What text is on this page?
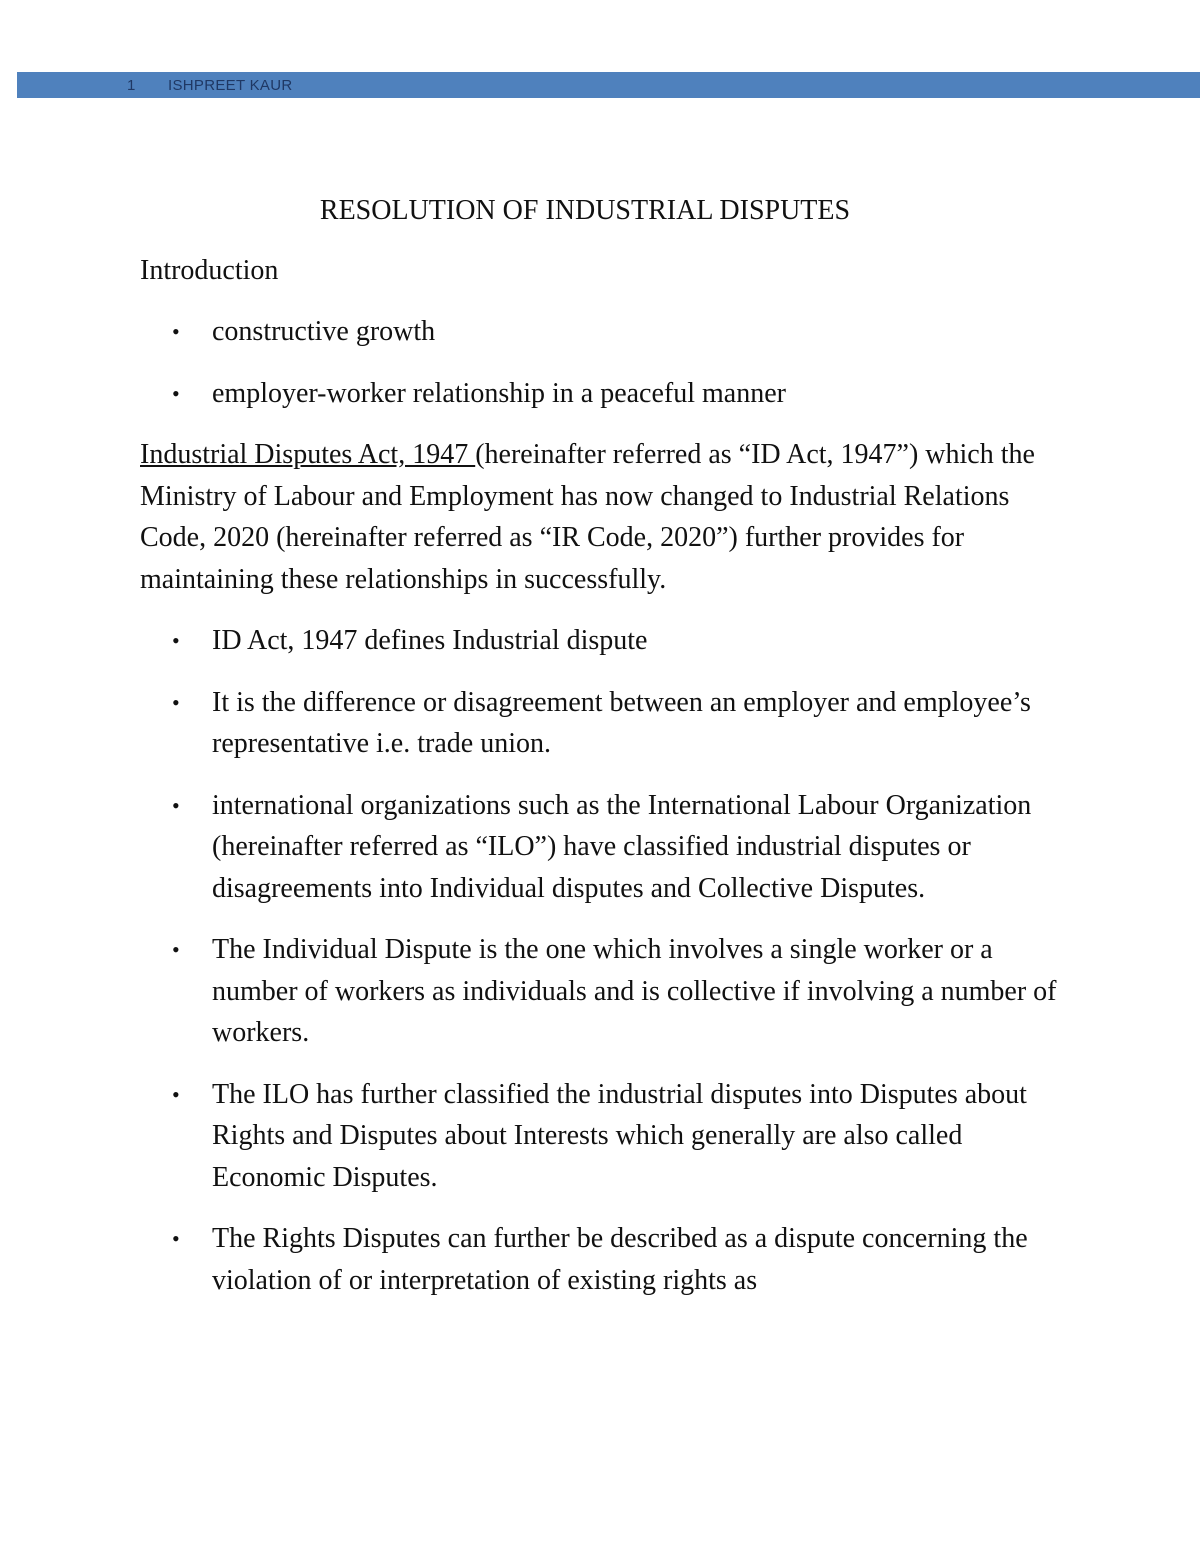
1 ISHPREET KAUR
RESOLUTION OF INDUSTRIAL DISPUTES
Introduction
• constructive growth
• employer-worker relationship in a peaceful manner
Industrial Disputes Act, 1947 (hereinafter referred as “ID Act, 1947”) which the Ministry of Labour and Employment has now changed to Industrial Relations Code, 2020 (hereinafter referred as “IR Code, 2020”) further provides for maintaining these relationships in successfully.
• ID Act, 1947 defines Industrial dispute
• It is the difference or disagreement between an employer and employee’s representative i.e. trade union.
• international organizations such as the International Labour Organization (hereinafter referred as “ILO”) have classified industrial disputes or disagreements into Individual disputes and Collective Disputes.
• The Individual Dispute is the one which involves a single worker or a number of workers as individuals and is collective if involving a number of workers.
• The ILO has further classified the industrial disputes into Disputes about Rights and Disputes about Interests which generally are also called Economic Disputes.
• The Rights Disputes can further be described as a dispute concerning the violation of or interpretation of existing rights as
